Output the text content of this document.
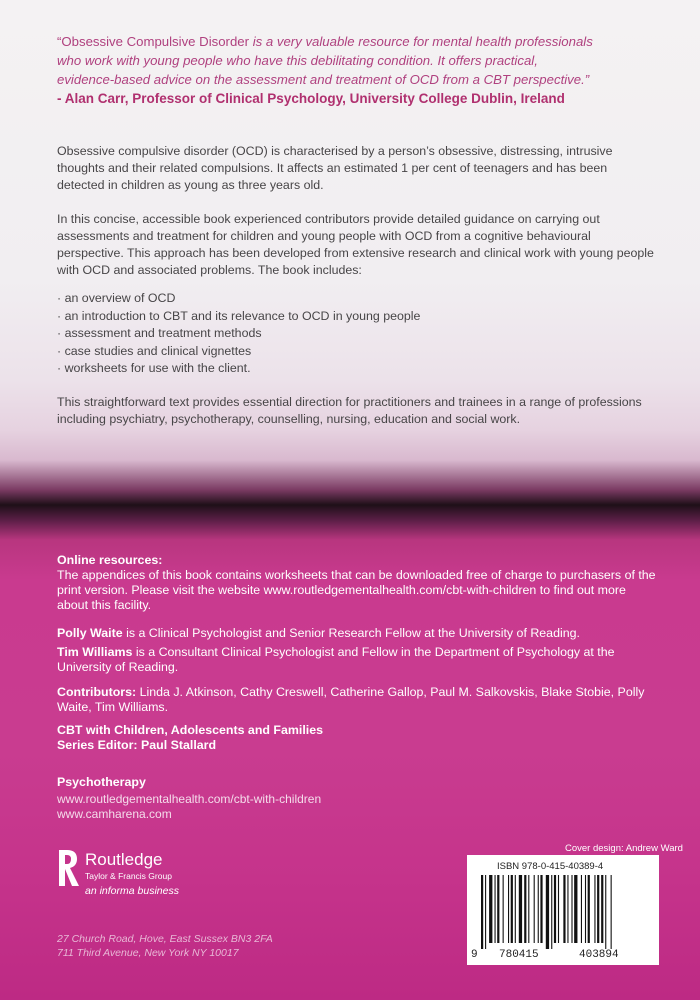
“Obsessive Compulsive Disorder is a very valuable resource for mental health professionals
who work with young people who have this debilitating condition. It offers practical,
evidence-based advice on the assessment and treatment of OCD from a CBT perspective.”
- Alan Carr, Professor of Clinical Psychology, University College Dublin, Ireland

Obsessive compulsive disorder (OCD) is characterised by a person’s obsessive, distressing, intrusive thoughts and their related compulsions. It affects an estimated 1 per cent of teenagers and has been detected in children as young as three years old.

In this concise, accessible book experienced contributors provide detailed guidance on carrying out assessments and treatment for children and young people with OCD from a cognitive behavioural perspective. This approach has been developed from extensive research and clinical work with young people with OCD and associated problems. The book includes:

· an overview of OCD
· an introduction to CBT and its relevance to OCD in young people
· assessment and treatment methods
· case studies and clinical vignettes
· worksheets for use with the client.

This straightforward text provides essential direction for practitioners and trainees in a range of professions including psychiatry, psychotherapy, counselling, nursing, education and social work.

Online resources:
The appendices of this book contains worksheets that can be downloaded free of charge to purchasers of the print version. Please visit the website www.routledgementalhealth.com/cbt-with-children to find out more about this facility.

Polly Waite is a Clinical Psychologist and Senior Research Fellow at the University of Reading.

Tim Williams is a Consultant Clinical Psychologist and Fellow in the Department of Psychology at the University of Reading.

Contributors: Linda J. Atkinson, Cathy Creswell, Catherine Gallop, Paul M. Salkovskis, Blake Stobie, Polly Waite, Tim Williams.

CBT with Children, Adolescents and Families
Series Editor: Paul Stallard
Psychotherapy
www.routledgementalhealth.com/cbt-with-children
www.camharena.com
Cover design: Andrew Ward
Routledge
Taylor & Francis Group
an informa business
27 Church Road, Hove, East Sussex BN3 2FA
711 Third Avenue, New York NY 10017
ISBN 978-0-415-40389-4
9 780415	403894
